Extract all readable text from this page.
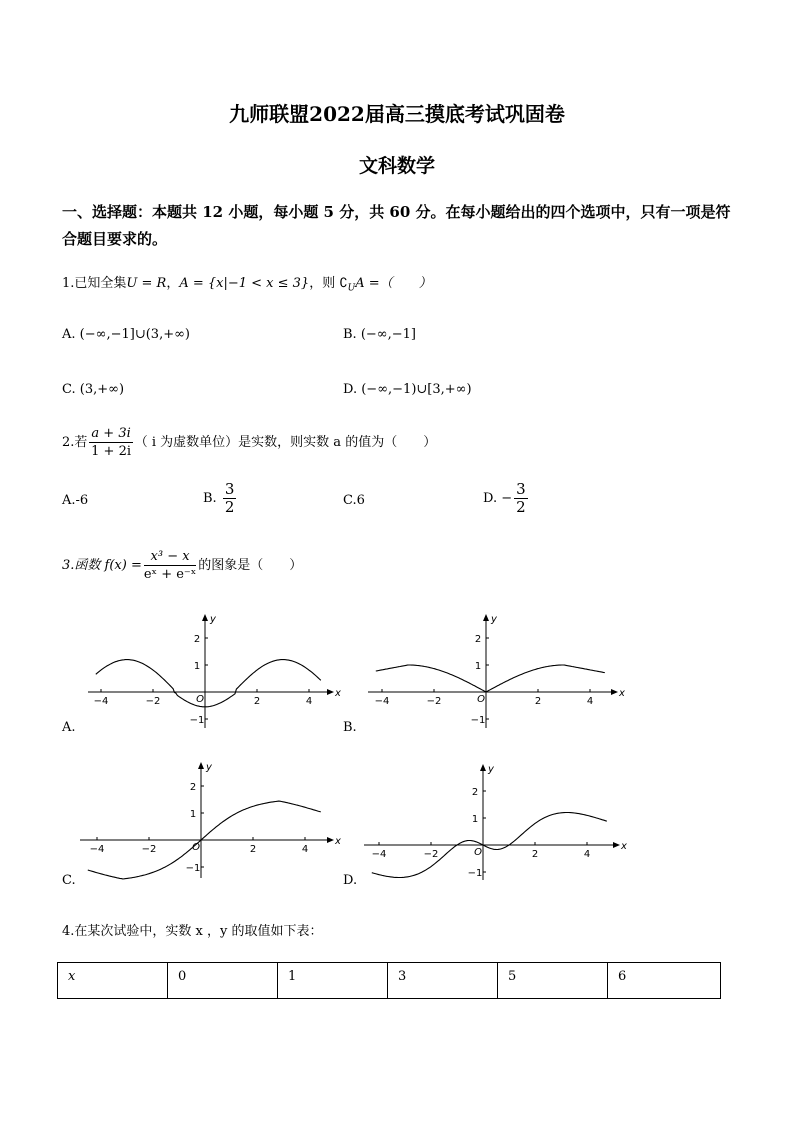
九师联盟2022届高三摸底考试巩固卷
文科数学
一、选择题：本题共 12 小题，每小题 5 分，共 60 分。在每小题给出的四个选项中，只有一项是符合题目要求的。
1.已知全集U = R，A = {x|−1 < x ≤ 3}，则 $∁_UA$ =（　　）
A. (−∞,−1]∪(3,+∞)	B. (−∞,−1]
C. (3,+∞)	D. (−∞,−1)∪[3,+∞)
2.若 $\frac{a + 3i}{1 + 2i}$ （ i 为虚数单位）是实数，则实数 a 的值为（　　）
A.-6	B. $\frac{3}{2}$	C.6	D. − $\frac{3}{2}$
3.函数 $f(x) = \frac{\text{x³ − x}}{\text{eˣ + e⁻ˣ}}$ 的图象是（　　）
x
y
O
−4	−2	2	4
2
1
−1
x
y
O
−4	−2	2	4
2
1
−1
x
y
O
−4	−2	2	4
2
1
−1
x
y
O
−4	−2	2	4
2
1
−1
A.	B.
C.	D.
4.在某次试验中，实数 x ，y 的取值如下表：
x	0	1	3	5	6
